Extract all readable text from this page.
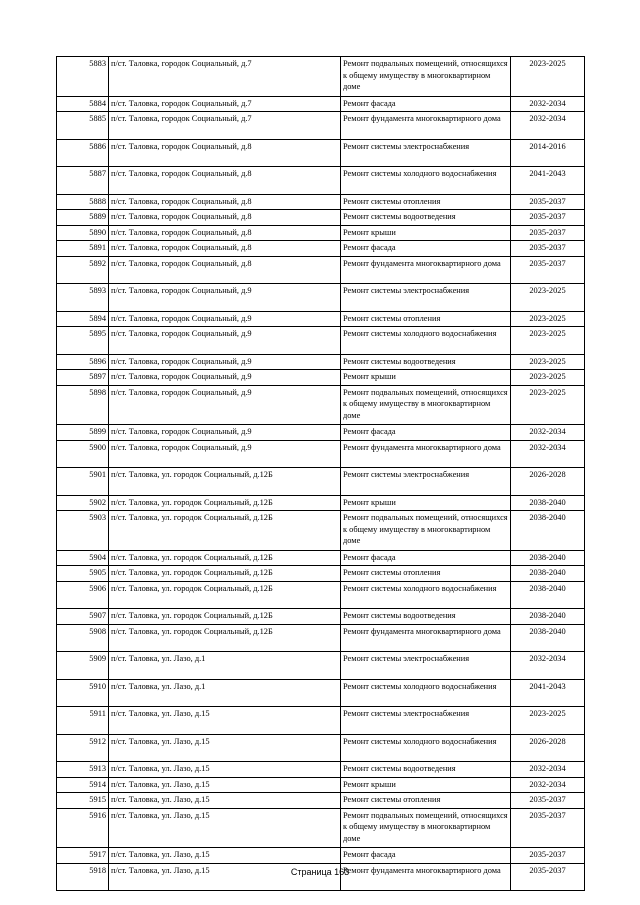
5883	п/ст. Таловка, городок Социальный, д.7	Ремонт подвальных помещений, относящихся к общему имуществу в многоквартирном доме	2023-2025
5884	п/ст. Таловка, городок Социальный, д.7	Ремонт фасада	2032-2034
5885	п/ст. Таловка, городок Социальный, д.7	Ремонт фундамента многоквартирного дома	2032-2034
5886	п/ст. Таловка, городок Социальный, д.8	Ремонт системы электроснабжения	2014-2016
5887	п/ст. Таловка, городок Социальный, д.8	Ремонт системы холодного водоснабжения	2041-2043
5888	п/ст. Таловка, городок Социальный, д.8	Ремонт системы отопления	2035-2037
5889	п/ст. Таловка, городок Социальный, д.8	Ремонт системы водоотведения	2035-2037
5890	п/ст. Таловка, городок Социальный, д.8	Ремонт крыши	2035-2037
5891	п/ст. Таловка, городок Социальный, д.8	Ремонт фасада	2035-2037
5892	п/ст. Таловка, городок Социальный, д.8	Ремонт фундамента многоквартирного дома	2035-2037
5893	п/ст. Таловка, городок Социальный, д.9	Ремонт системы электроснабжения	2023-2025
5894	п/ст. Таловка, городок Социальный, д.9	Ремонт системы отопления	2023-2025
5895	п/ст. Таловка, городок Социальный, д.9	Ремонт системы холодного водоснабжения	2023-2025
5896	п/ст. Таловка, городок Социальный, д.9	Ремонт системы водоотведения	2023-2025
5897	п/ст. Таловка, городок Социальный, д.9	Ремонт крыши	2023-2025
5898	п/ст. Таловка, городок Социальный, д.9	Ремонт подвальных помещений, относящихся к общему имуществу в многоквартирном доме	2023-2025
5899	п/ст. Таловка, городок Социальный, д.9	Ремонт фасада	2032-2034
5900	п/ст. Таловка, городок Социальный, д.9	Ремонт фундамента многоквартирного дома	2032-2034
5901	п/ст. Таловка, ул. городок Социальный, д.12Б	Ремонт системы электроснабжения	2026-2028
5902	п/ст. Таловка, ул. городок Социальный, д.12Б	Ремонт крыши	2038-2040
5903	п/ст. Таловка, ул. городок Социальный, д.12Б	Ремонт подвальных помещений, относящихся к общему имуществу в многоквартирном доме	2038-2040
5904	п/ст. Таловка, ул. городок Социальный, д.12Б	Ремонт фасада	2038-2040
5905	п/ст. Таловка, ул. городок Социальный, д.12Б	Ремонт системы отопления	2038-2040
5906	п/ст. Таловка, ул. городок Социальный, д.12Б	Ремонт системы холодного водоснабжения	2038-2040
5907	п/ст. Таловка, ул. городок Социальный, д.12Б	Ремонт системы водоотведения	2038-2040
5908	п/ст. Таловка, ул. городок Социальный, д.12Б	Ремонт фундамента многоквартирного дома	2038-2040
5909	п/ст. Таловка, ул. Лазо, д.1	Ремонт системы электроснабжения	2032-2034
5910	п/ст. Таловка, ул. Лазо, д.1	Ремонт системы холодного водоснабжения	2041-2043
5911	п/ст. Таловка, ул. Лазо, д.15	Ремонт системы электроснабжения	2023-2025
5912	п/ст. Таловка, ул. Лазо, д.15	Ремонт системы холодного водоснабжения	2026-2028
5913	п/ст. Таловка, ул. Лазо, д.15	Ремонт системы водоотведения	2032-2034
5914	п/ст. Таловка, ул. Лазо, д.15	Ремонт крыши	2032-2034
5915	п/ст. Таловка, ул. Лазо, д.15	Ремонт системы отопления	2035-2037
5916	п/ст. Таловка, ул. Лазо, д.15	Ремонт подвальных помещений, относящихся к общему имуществу в многоквартирном доме	2035-2037
5917	п/ст. Таловка, ул. Лазо, д.15	Ремонт фасада	2035-2037
5918	п/ст. Таловка, ул. Лазо, д.15	Ремонт фундамента многоквартирного дома	2035-2037
Страница 163
